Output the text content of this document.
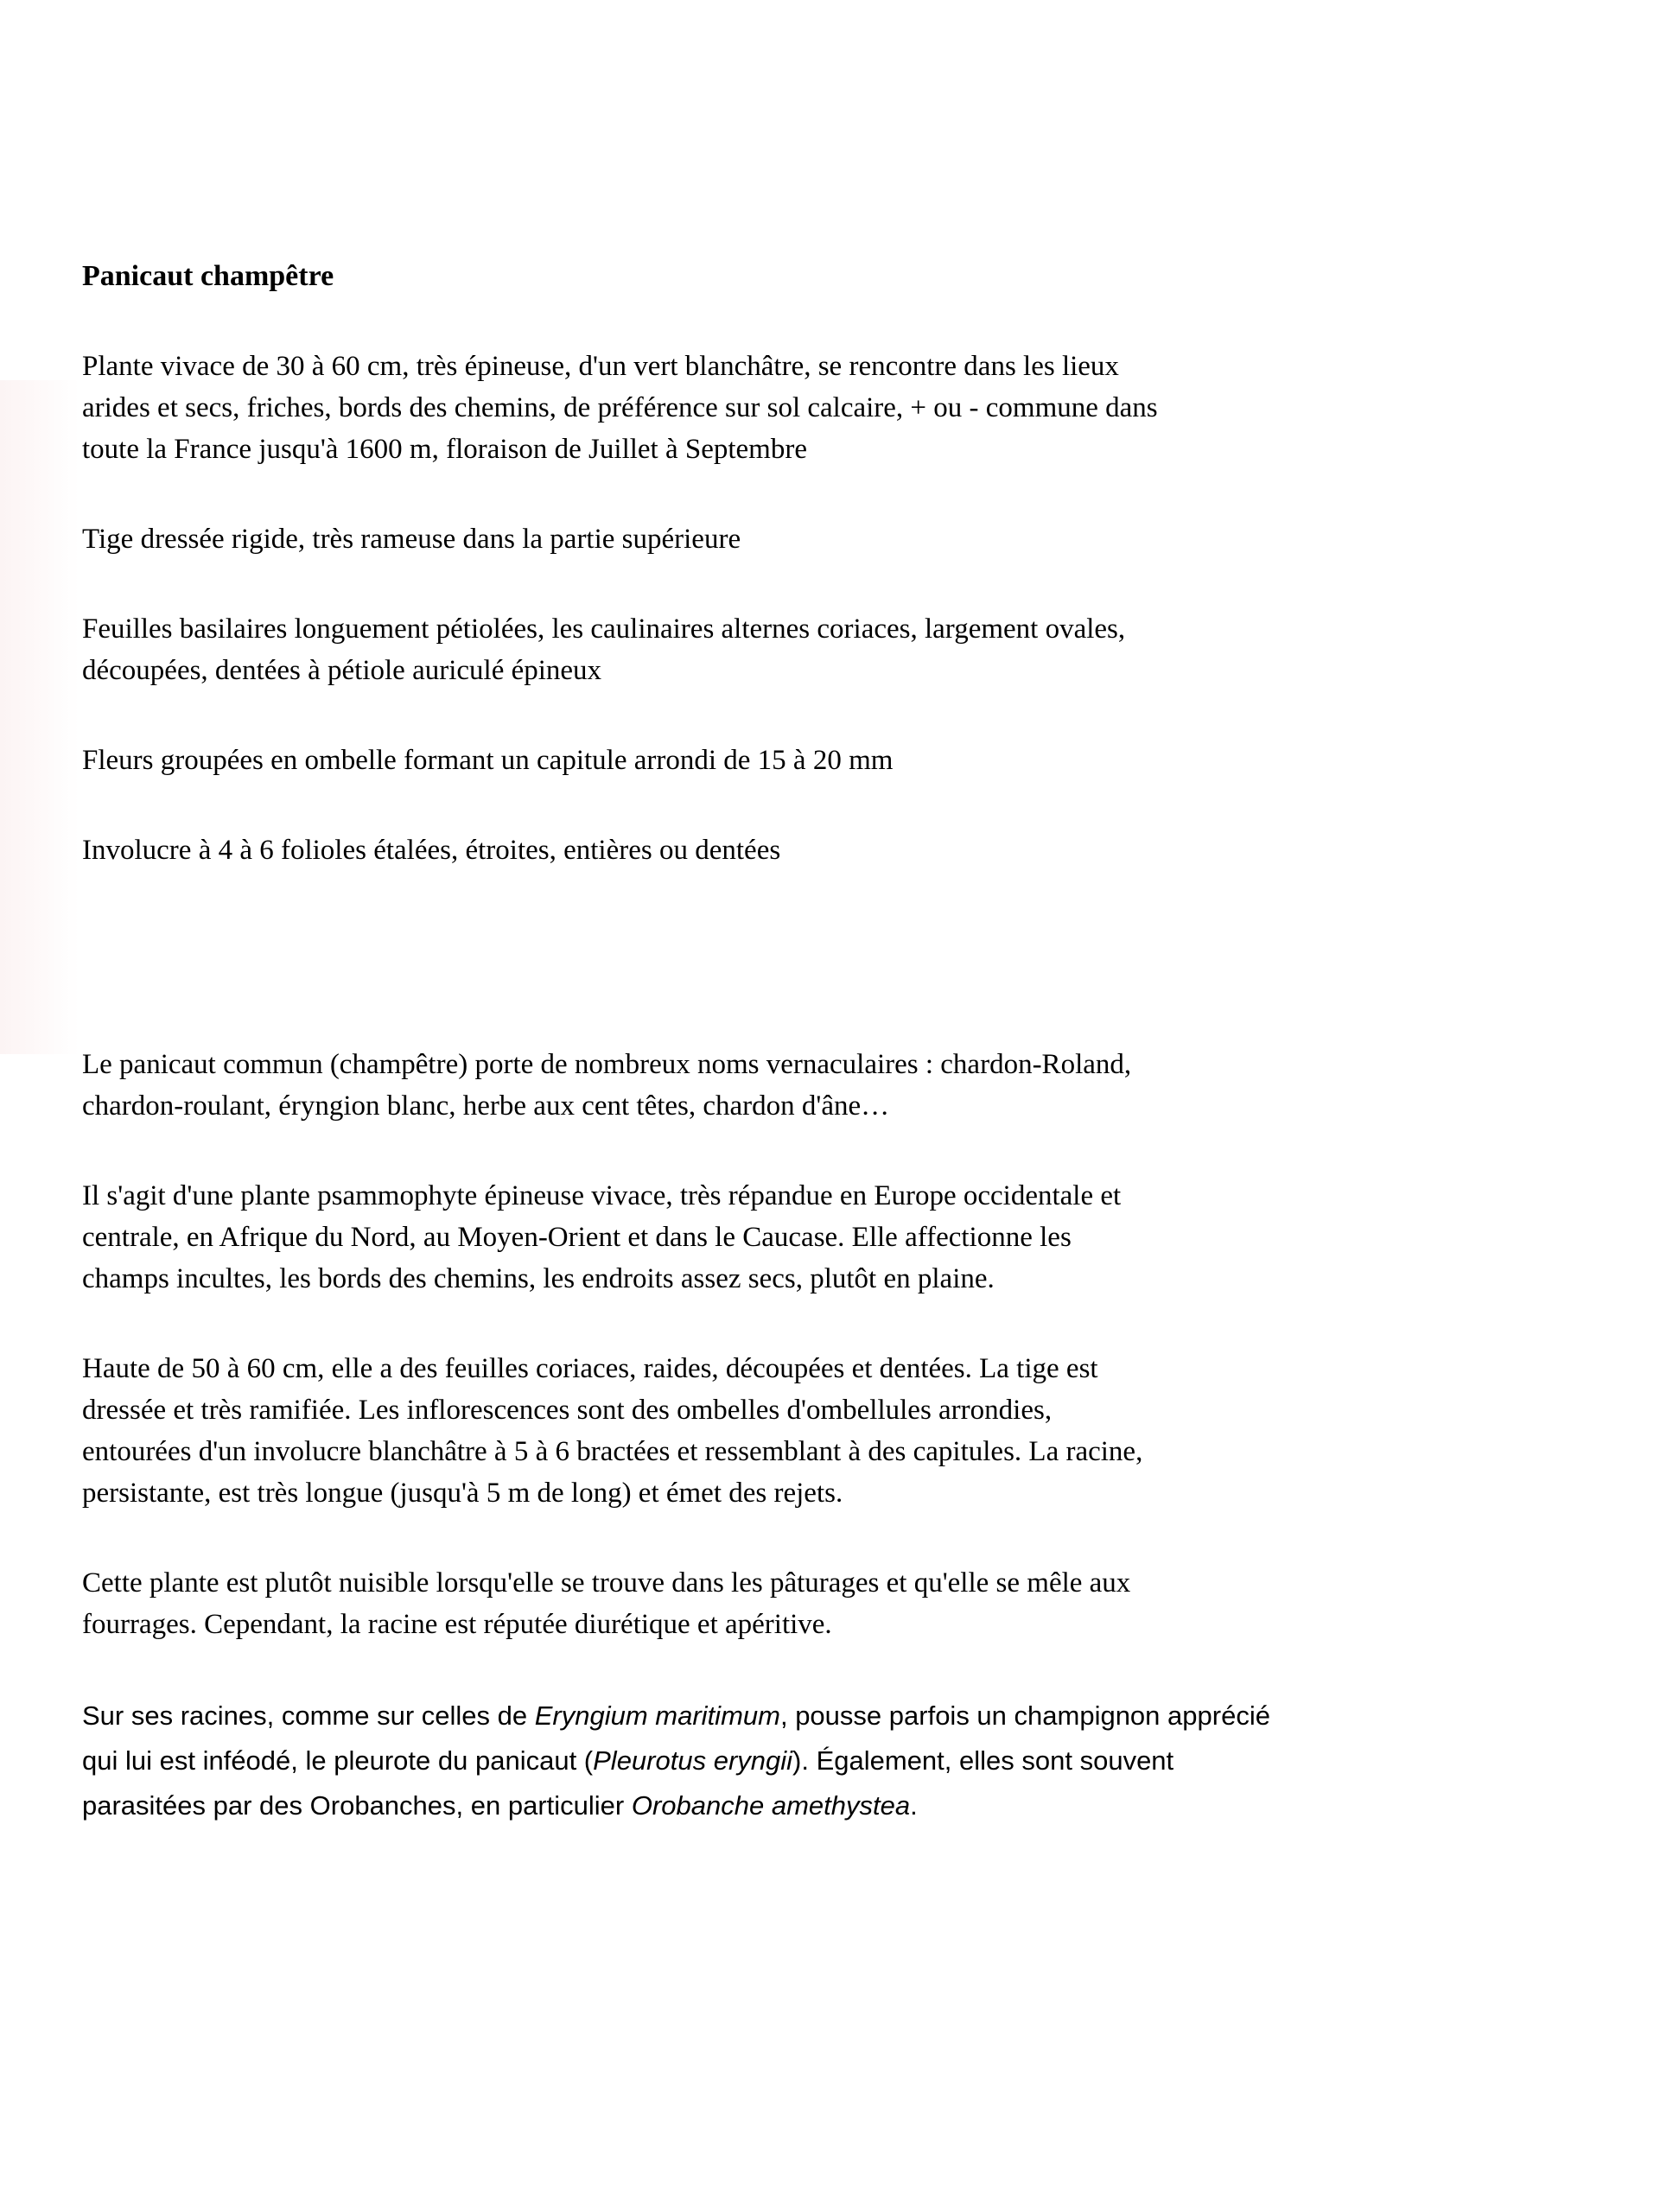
Panicaut champêtre

Plante vivace de 30 à 60 cm, très épineuse, d'un vert blanchâtre, se rencontre dans les lieux
arides et secs, friches, bords des chemins, de préférence sur sol calcaire, + ou - commune dans
toute la France jusqu'à 1600 m, floraison de Juillet à Septembre

Tige dressée rigide, très rameuse dans la partie supérieure

Feuilles basilaires longuement pétiolées, les caulinaires alternes coriaces, largement ovales,
découpées, dentées à pétiole auriculé épineux

Fleurs groupées en ombelle formant un capitule arrondi de 15 à 20 mm

Involucre à 4 à 6 folioles étalées, étroites, entières ou dentées

Le panicaut commun (champêtre) porte de nombreux noms vernaculaires : chardon-Roland,
chardon-roulant, éryngion blanc, herbe aux cent têtes, chardon d'âne…

Il s'agit d'une plante psammophyte épineuse vivace, très répandue en Europe occidentale et
centrale, en Afrique du Nord, au Moyen-Orient et dans le Caucase. Elle affectionne les
champs incultes, les bords des chemins, les endroits assez secs, plutôt en plaine.

Haute de 50 à 60 cm, elle a des feuilles coriaces, raides, découpées et dentées. La tige est
dressée et très ramifiée. Les inflorescences sont des ombelles d'ombellules arrondies,
entourées d'un involucre blanchâtre à 5 à 6 bractées et ressemblant à des capitules. La racine,
persistante, est très longue (jusqu'à 5 m de long) et émet des rejets.

Cette plante est plutôt nuisible lorsqu'elle se trouve dans les pâturages et qu'elle se mêle aux
fourrages. Cependant, la racine est réputée diurétique et apéritive.

Sur ses racines, comme sur celles de Eryngium maritimum, pousse parfois un champignon apprécié
qui lui est inféodé, le pleurote du panicaut (Pleurotus eryngii). Également, elles sont souvent
parasitées par des Orobanches, en particulier Orobanche amethystea.
